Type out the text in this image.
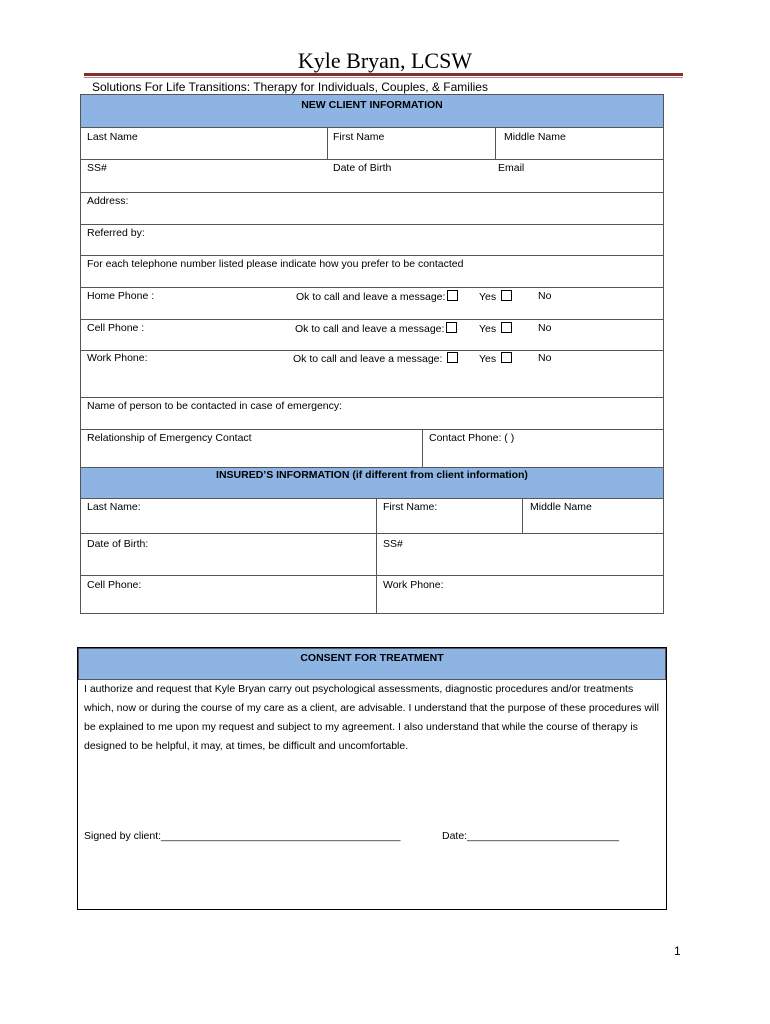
Kyle Bryan, LCSW
Solutions For Life Transitions: Therapy for Individuals, Couples, & Families
NEW CLIENT INFORMATION
Last Name	First Name	Middle Name
SS#	Date of Birth	Email
Address:
Referred by:
For each telephone number listed please indicate how you prefer to be contacted
Home Phone :	Ok to call and leave a message:	Yes	No
Cell Phone :	Ok to call and leave a message:	Yes	No
Work Phone:	Ok to call and leave a message:	Yes	No
Name of person to be contacted in case of emergency:
Relationship of Emergency Contact	Contact Phone: ( )
INSURED’S INFORMATION (if different from client information)
Last Name:	First Name:	Middle Name
Date of Birth:	SS#
Cell Phone:	Work Phone:
CONSENT FOR TREATMENT
I authorize and request that Kyle Bryan carry out psychological assessments, diagnostic procedures and/or treatments which, now or during the course of my care as a client, are advisable. I understand that the purpose of these procedures will be explained to me upon my request and subject to my agreement. I also understand that while the course of therapy is designed to be helpful, it may, at times, be difficult and uncomfortable.
Signed by client:_________________________________________	Date:__________________________
1
